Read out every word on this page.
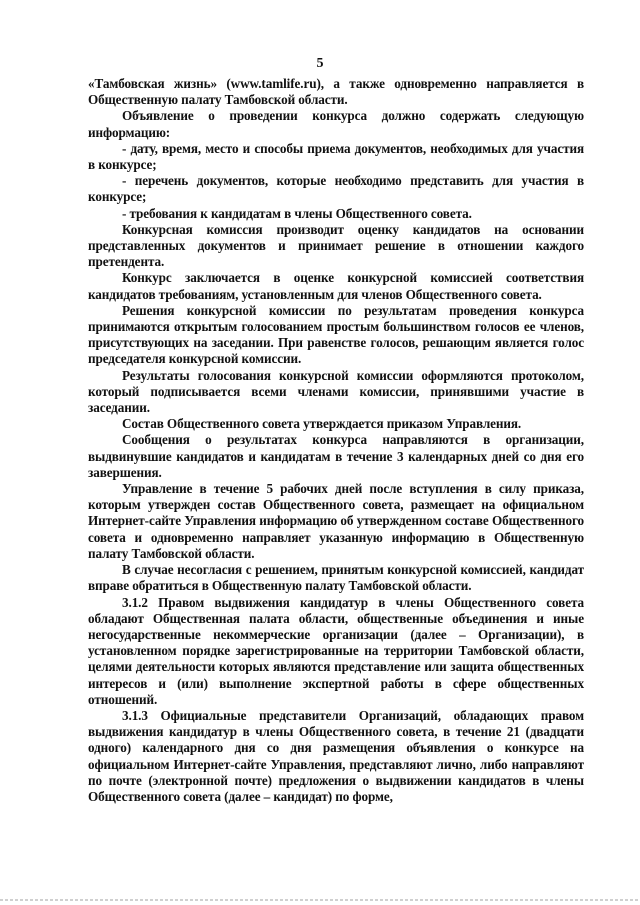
5

«Тамбовская жизнь» (www.tamlife.ru), а также одновременно направляется в Общественную палату Тамбовской области.

Объявление о проведении конкурса должно содержать следующую информацию:

- дату, время, место и способы приема документов, необходимых для участия в конкурсе;

- перечень документов, которые необходимо представить для участия в конкурсе;

- требования к кандидатам в члены Общественного совета.

Конкурсная комиссия производит оценку кандидатов на основании представленных документов и принимает решение в отношении каждого претендента.

Конкурс заключается в оценке конкурсной комиссией соответствия кандидатов требованиям, установленным для членов Общественного совета.

Решения конкурсной комиссии по результатам проведения конкурса принимаются открытым голосованием простым большинством голосов ее членов, присутствующих на заседании. При равенстве голосов, решающим является голос председателя конкурсной комиссии.

Результаты голосования конкурсной комиссии оформляются протоколом, который подписывается всеми членами комиссии, принявшими участие в заседании.

Состав Общественного совета утверждается приказом Управления.

Сообщения о результатах конкурса направляются в организации, выдвинувшие кандидатов и кандидатам в течение 3 календарных дней со дня его завершения.

Управление в течение 5 рабочих дней после вступления в силу приказа, которым утвержден состав Общественного совета, размещает на официальном Интернет-сайте Управления информацию об утвержденном составе Общественного совета и одновременно направляет указанную информацию в Общественную палату Тамбовской области.

В случае несогласия с решением, принятым конкурсной комиссией, кандидат вправе обратиться в Общественную палату Тамбовской области.

3.1.2 Правом выдвижения кандидатур в члены Общественного совета обладают Общественная палата области, общественные объединения и иные негосударственные некоммерческие организации (далее – Организации), в установленном порядке зарегистрированные на территории Тамбовской области, целями деятельности которых являются представление или защита общественных интересов и (или) выполнение экспертной работы в сфере общественных отношений.

3.1.3 Официальные представители Организаций, обладающих правом выдвижения кандидатур в члены Общественного совета, в течение 21 (двадцати одного) календарного дня со дня размещения объявления о конкурсе на официальном Интернет-сайте Управления, представляют лично, либо направляют по почте (электронной почте) предложения о выдвижении кандидатов в члены Общественного совета (далее – кандидат) по форме,
